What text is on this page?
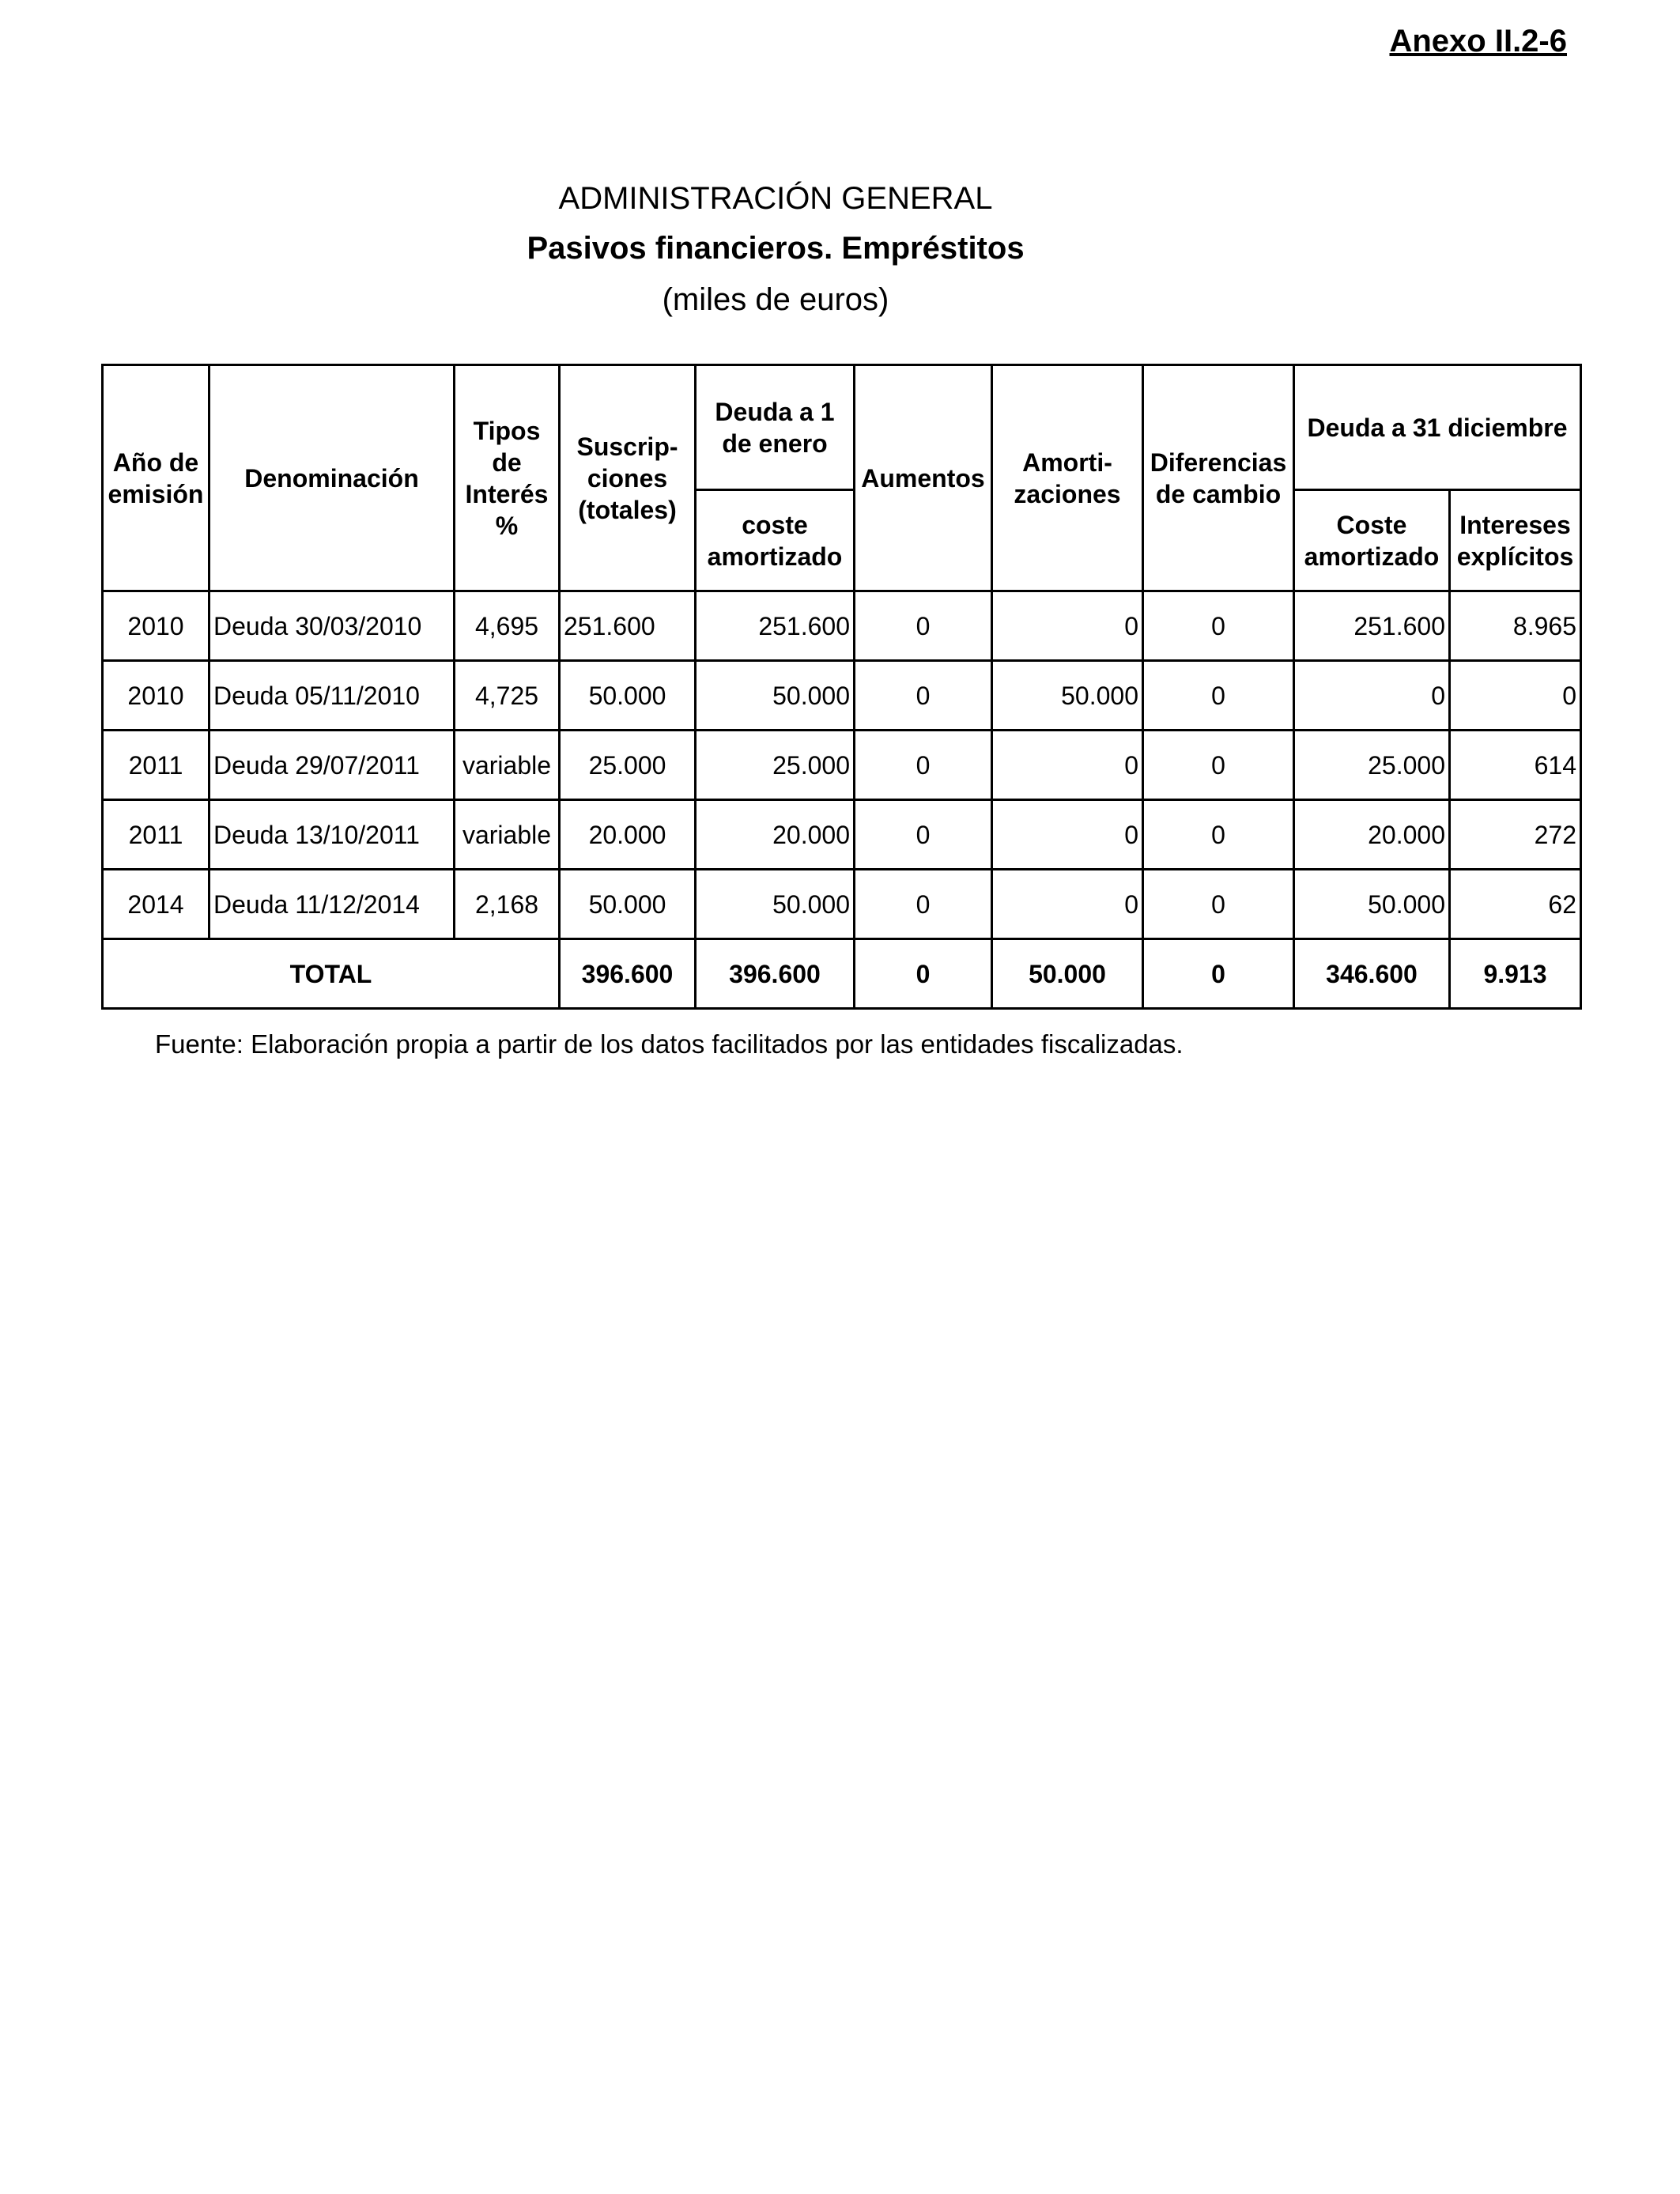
Anexo II.2-6
ADMINISTRACIÓN GENERAL
Pasivos financieros. Empréstitos
(miles de euros)
Año de emisión	Denominación	Tipos de Interés %	Suscrip-ciones (totales)	Deuda a 1 de enero	Aumentos	Amorti-zaciones	Diferencias de cambio	Deuda a 31 diciembre	
				coste amortizado				Coste amortizado	Intereses explícitos
2010	Deuda 30/03/2010	4,695	251.600	251.600	0	0	0	251.600	8.965
2010	Deuda 05/11/2010	4,725	50.000	50.000	0	50.000	0	0	0
2011	Deuda 29/07/2011	variable	25.000	25.000	0	0	0	25.000	614
2011	Deuda 13/10/2011	variable	20.000	20.000	0	0	0	20.000	272
2014	Deuda 11/12/2014	2,168	50.000	50.000	0	0	0	50.000	62
TOTAL			396.600	396.600	0	50.000	0	346.600	9.913
Fuente: Elaboración propia a partir de los datos facilitados por las entidades fiscalizadas.
